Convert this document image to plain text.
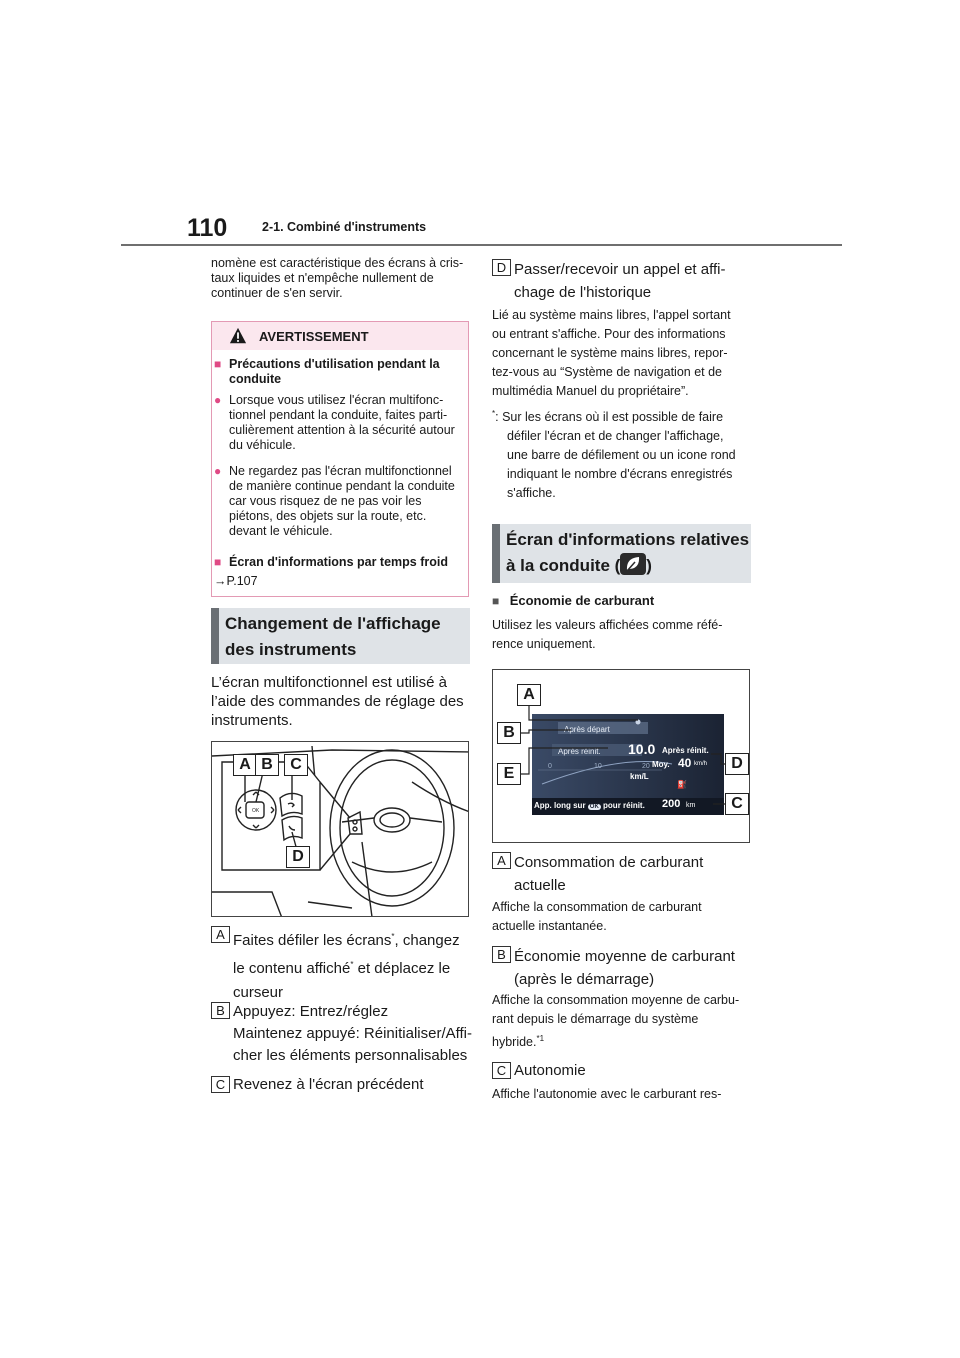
110	2-1. Combiné d'instruments
nomène est caractéristique des écrans à cris-
taux liquides et n'empêche nullement de
continuer de s'en servir.
AVERTISSEMENT
■ Précautions d'utilisation pendant la conduite
● Lorsque vous utilisez l'écran multifonc-tionnel pendant la conduite, faites parti-culièrement attention à la sécurité autour du véhicule.
● Ne regardez pas l'écran multifonctionnel de manière continue pendant la conduite car vous risquez de ne pas voir les piétons, des objets sur la route, etc. devant le véhicule.
■ Écran d'informations par temps froid
→P.107
Changement de l'affichage des instruments
L’écran multifonctionnel est utilisé à l’aide des commandes de réglage des instruments.
OK
A B	C
D
A Faites défiler les écrans*, changez
le contenu affiché* et déplacez le
curseur
B Appuyez: Entrez/réglez
Maintenez appuyé: Réinitialiser/Affi-
cher les éléments personnalisables
C Revenez à l'écran précédent
D Passer/recevoir un appel et affi-
chage de l'historique
Lié au système mains libres, l'appel sortant
ou entrant s'affiche. Pour des informations
concernant le système mains libres, repor-
tez-vous au “Système de navigation et de
multimédia Manuel du propriétaire”.
*: Sur les écrans où il est possible de faire
défiler l'écran et de changer l'affichage,
une barre de défilement ou un icone rond
indiquant le nombre d'écrans enregistrés
s'affiche.
Écran d'informations relatives
à la conduite ( )
■ Économie de carburant
Utilisez les valeurs affichées comme réfé-
rence uniquement.
Après départ
Après réinit. 10.0
0	10	20
km/L
Après réinit.
Moy. 40 km/h
⛽
App. long sur OK pour réinit. 200 km
A
B
E
D
C
A Consommation de carburant
actuelle
Affiche la consommation de carburant
actuelle instantanée.
B Économie moyenne de carburant
(après le démarrage)
Affiche la consommation moyenne de carbu-
rant depuis le démarrage du système
hybride.$^{*1}$
C Autonomie
Affiche l'autonomie avec le carburant res-
